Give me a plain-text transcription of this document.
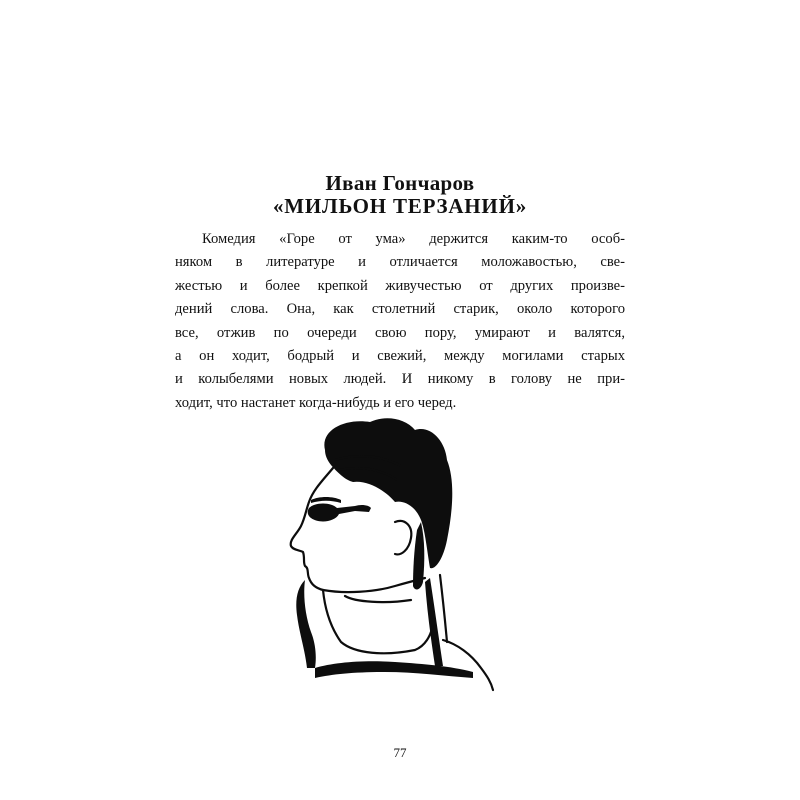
Иван Гончаров
«МИЛЬОН ТЕРЗАНИЙ»
Комедия «Горе от ума» держится каким-то особ-
няком в литературе и отличается моложавостью, све-
жестью и более крепкой живучестью от других произве-
дений слова. Она, как столетний старик, около которого
все, отжив по очереди свою пору, умирают и валятся,
а он ходит, бодрый и свежий, между могилами старых
и колыбелями новых людей. И никому в голову не при-
ходит, что настанет когда-нибудь и его черед.
77
